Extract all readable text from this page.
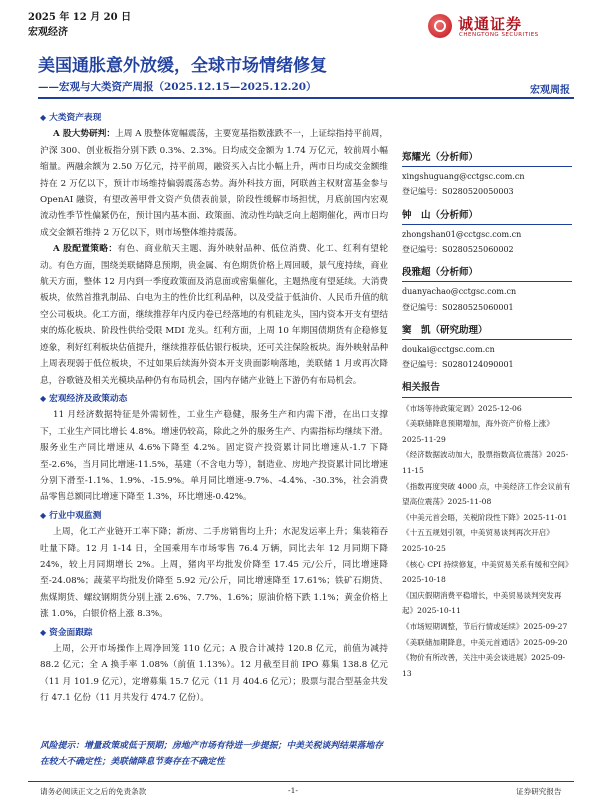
2025 年 12 月 20 日
宏观经济	诚通证券
CHENGTONG SECURITIES
美国通胀意外放缓，全球市场情绪修复
——宏观与大类资产周报（2025.12.15—2025.12.20）	宏观周报
◆ 大类资产表现

A 股大势研判：上周 A 股整体宽幅震荡，主要宽基指数涨跌不一，上证综指持平前周，沪深 300、创业板指分别下跌 0.3%、2.3%。日均成交金额为 1.74 万亿元，较前周小幅缩量。两融余额为 2.50 万亿元，持平前周，融资买入占比小幅上升，两市日均成交金额维持在 2 万亿以下，预计市场维持偏弱震荡态势。海外科技方面，阿联酋主权财富基金参与 OpenAI 融资，有望改善甲骨文资产负债表前景，阶段性缓解市场担忧，月底前国内宏观流动性季节性偏紧仍在，预计国内基本面、政策面、流动性均缺乏向上超期催化，两市日均成交金额若维持 2 万亿以下，则市场整体维持震荡。

A 股配置策略：有色、商业航天主题、海外映射品种、低位消费、化工、红利有望轮动。有色方面，围绕美联储降息预期，贵金属、有色期货价格上周回暖，景气度持续，商业航天方面，整体 12 月内到一季度政策面及消息面或密集催化，主题热度有望延续。大消费板块，依然首推乳制品、白电为主的性价比红利品种，以及受益于低油价、人民币升值的航空公司板块。化工方面，继续推荐年内反内卷已经落地的有机硅龙头，国内资本开支有望结束的炼化板块、阶段性供给受限 MDI 龙头。红利方面，上周 10 年期国债期货有企稳修复迹象，利好红利板块估值提升，继续推荐低估银行板块，还可关注保险板块。海外映射品种上周表现弱于低位板块，不过如果后续海外资本开支贵面影响落地，美联储 1 月或再次降息，谷歌链及相关光模块品种仍有布局机会，国内存储产业链上下游仍有布局机会。

◆ 宏观经济及政策动态

11 月经济数据特征是外需韧性，工业生产稳健，服务生产和内需下滑，在出口支撑下，工业生产同比增长 4.8%。增速仍较高，除此之外的服务生产、内需指标均继续下滑。服务业生产同比增速从 4.6%下降至 4.2%。固定资产投资累计同比增速从-1.7 下降至-2.6%，当月同比增速-11.5%，基建（不含电力等），制造业、房地产投资累计同比增速分别下滑至-1.1%、1.9%、-15.9%。单月同比增速-9.7%、-4.4%、-30.3%，社会消费品零售总额同比增速下降至 1.3%，环比增速-0.42%。

◆ 行业中观监测

上周，化工产业链开工率下降；新房、二手房销售均上升；水泥发运率上升；集装箱吞吐量下降。12 月 1-14 日，全国乘用车市场零售 76.4 万辆，同比去年 12 月同期下降 24%，较上月同期增长 2%。上周，猪肉平均批发价降至 17.45 元/公斤，同比增速降至-24.08%；蔬菜平均批发价降至 5.92 元/公斤，同比增速降至 17.61%；铁矿石期货、焦煤期货、螺纹钢期货分别上涨 2.6%、7.7%、1.6%；原油价格下跌 1.1%；黄金价格上涨 1.0%，白银价格上涨 8.3%。

◆ 资金面跟踪

上周，公开市场操作上周净回笼 110 亿元；A 股合计减持 120.8 亿元，前值为减持 88.2 亿元；全 A 换手率 1.08%（前值 1.13%）。12 月截至目前 IPO 募集 138.8 亿元（11 月 101.9 亿元），定增募集 15.7 亿元（11 月 404.6 亿元）；股票与混合型基金共发行 47.1 亿份（11 月共发行 474.7 亿份）。

风险提示：增量政策或低于预期；房地产市场有待进一步提振；中美关税谈判结果落地存在较大不确定性；美联储降息节奏存在不确定性
郑耀光（分析师）
xingshuguang@cctgsc.com.cn
登记编号：S0280520050003
钟　山（分析师）
zhongshan01@cctgsc.com.cn
登记编号：S0280525060002
段雅超（分析师）
duanyachao@cctgsc.com.cn
登记编号：S0280525060001
窦　凯（研究助理）
doukai@cctgsc.com.cn
登记编号：S0280124090001
相关报告
《市场等待政策定调》2025-12-06
《美联储降息预期增加，海外资产价格上涨》2025-11-29
《经济数据波动加大，股票指数高位震荡》2025-11-15
《指数再度突破 4000 点，中美经济工作会议前有望高位震荡》2025-11-08
《中美元首会晤，关税阶段性下降》2025-11-01
《十五五规划引领，中美贸易谈判再次开启》2025-10-25
《核心 CPI 持续修复，中美贸易关系有缓和空间》2025-10-18
《国庆假期消费平稳增长，中美贸易谈判突发再起》2025-10-11
《市场短期调整，节后行情或延续》2025-09-27
《美联储加期降息，中美元首通话》2025-09-20
《物价有所改善，关注中美会谈进展》2025-09-13
请务必阅读正文之后的免责条款	-1-	证券研究报告
